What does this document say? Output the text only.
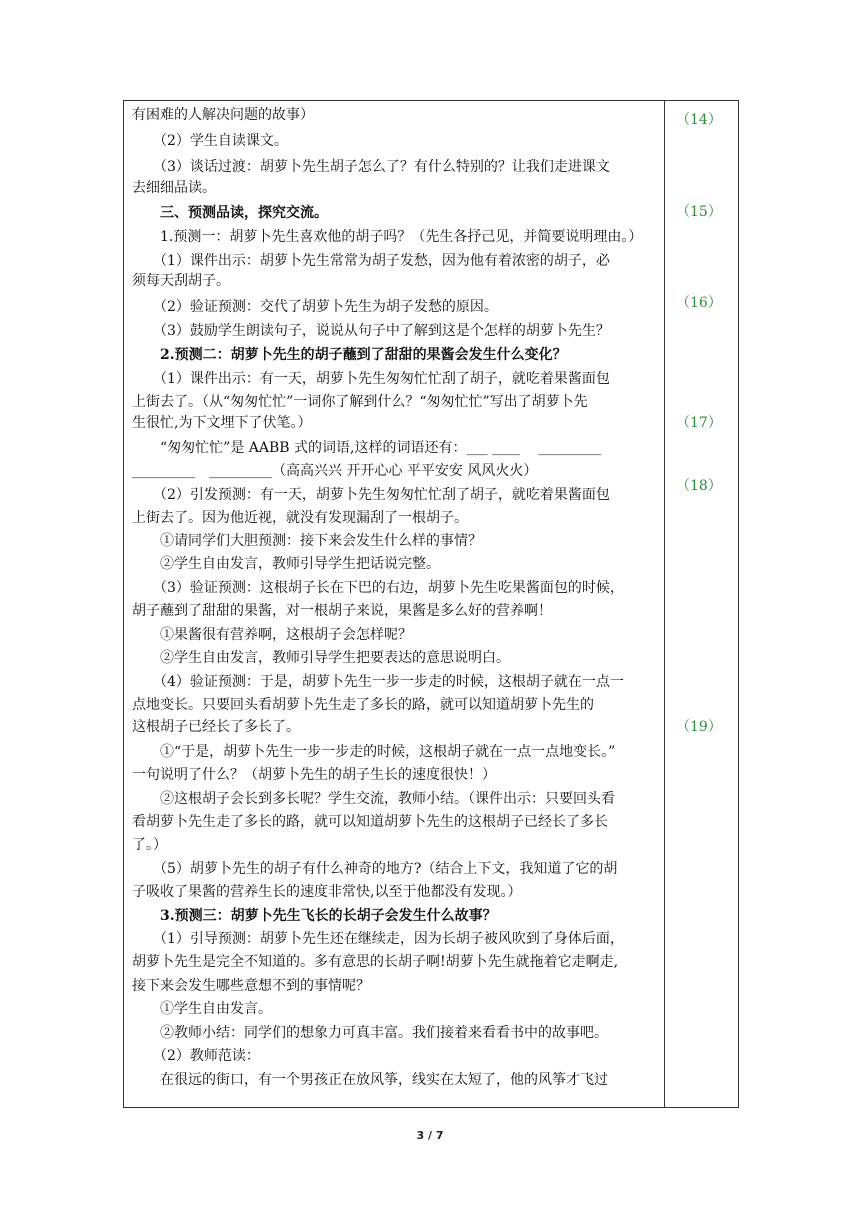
有困难的人解决问题的故事）
　　（2）学生自读课文。
　　（3）谈话过渡：胡萝卜先生胡子怎么了？有什么特别的？让我们走进课文
去细细品读。
　　三、预测品读，探究交流。
　　1.预测一：胡萝卜先生喜欢他的胡子吗？（先生各抒己见，并简要说明理由。）
　　（1）课件出示：胡萝卜先生常常为胡子发愁，因为他有着浓密的胡子，必
须每天刮胡子。
　　（2）验证预测：交代了胡萝卜先生为胡子发愁的原因。
　　（3）鼓励学生朗读句子，说说从句子中了解到这是个怎样的胡萝卜先生？
　　2.预测二：胡萝卜先生的胡子蘸到了甜甜的果酱会发生什么变化？
　　（1）课件出示：有一天，胡萝卜先生匆匆忙忙刮了胡子，就吃着果酱面包
上街去了。（从“匆匆忙忙”一词你了解到什么？“匆匆忙忙”写出了胡萝卜先
生很忙,为下文埋下了伏笔。）
　　“匆匆忙忙”是 AABB 式的词语,这样的词语还有：___ ____　 _________
_________　_________（高高兴兴 开开心心 平平安安 风风火火）
　　（2）引发预测：有一天，胡萝卜先生匆匆忙忙刮了胡子，就吃着果酱面包
上街去了。因为他近视，就没有发现漏刮了一根胡子。
　　①请同学们大胆预测：接下来会发生什么样的事情？
　　②学生自由发言，教师引导学生把话说完整。
　　（3）验证预测：这根胡子长在下巴的右边，胡萝卜先生吃果酱面包的时候，
胡子蘸到了甜甜的果酱，对一根胡子来说，果酱是多么好的营养啊！
　　①果酱很有营养啊，这根胡子会怎样呢？
　　②学生自由发言，教师引导学生把要表达的意思说明白。
　　（4）验证预测：于是，胡萝卜先生一步一步走的时候，这根胡子就在一点一
点地变长。只要回头看胡萝卜先生走了多长的路，就可以知道胡萝卜先生的
这根胡子已经长了多长了。
　　①“于是，胡萝卜先生一步一步走的时候，这根胡子就在一点一点地变长。”
一句说明了什么？（胡萝卜先生的胡子生长的速度很快！）
　　②这根胡子会长到多长呢？学生交流，教师小结。（课件出示：只要回头看
看胡萝卜先生走了多长的路，就可以知道胡萝卜先生的这根胡子已经长了多长
了。）
　　（5）胡萝卜先生的胡子有什么神奇的地方?（结合上下文，我知道了它的胡
子吸收了果酱的营养生长的速度非常快,以至于他都没有发现。）
　　3.预测三：胡萝卜先生飞长的长胡子会发生什么故事？
　　（1）引导预测：胡萝卜先生还在继续走，因为长胡子被风吹到了身体后面，
胡萝卜先生是完全不知道的。多有意思的长胡子啊!胡萝卜先生就拖着它走啊走,
接下来会发生哪些意想不到的事情呢？
　　①学生自由发言。
　　②教师小结：同学们的想象力可真丰富。我们接着来看看书中的故事吧。
　　（2）教师范读：
　　在很远的街口，有一个男孩正在放风筝，线实在太短了，他的风筝才飞过
（14）
（15）
（16）
（17）
（18）
（19）
3 / 7
